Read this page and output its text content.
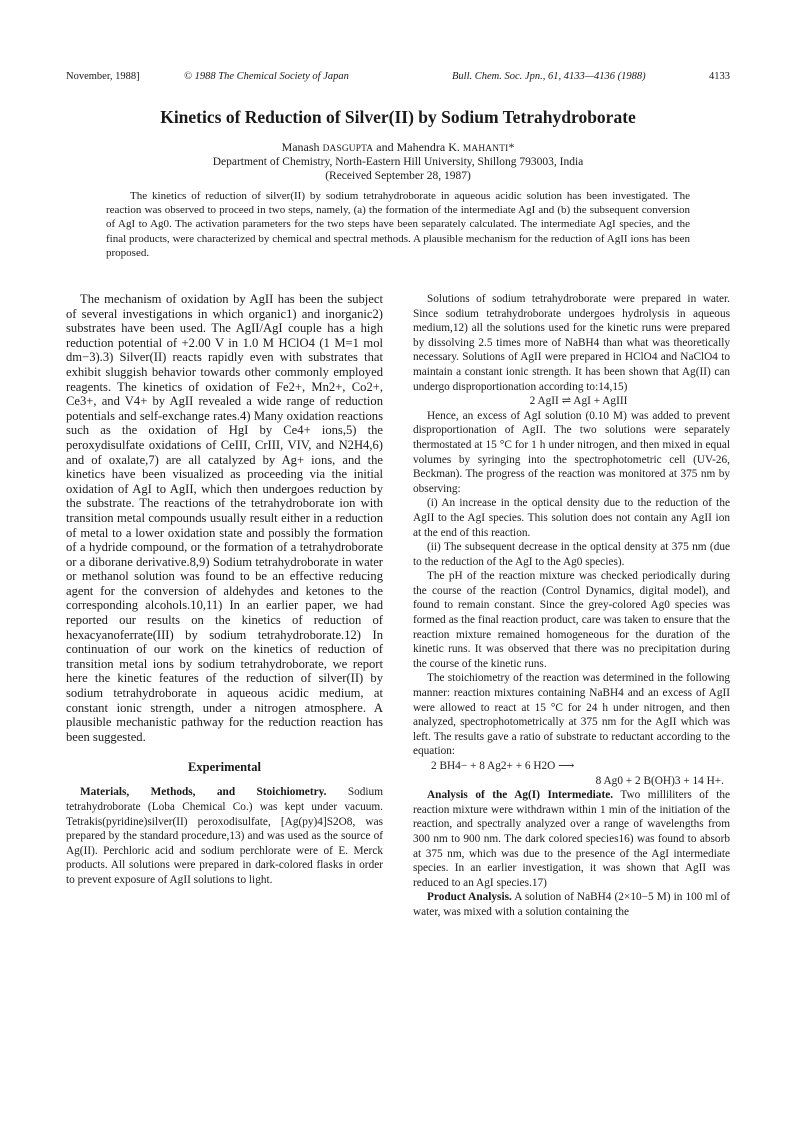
November, 1988]	© 1988 The Chemical Society of Japan	Bull. Chem. Soc. Jpn., 61, 4133—4136 (1988)	4133
Kinetics of Reduction of Silver(II) by Sodium Tetrahydroborate
Manash DASGUPTA and Mahendra K. MAHANTI*
Department of Chemistry, North-Eastern Hill University, Shillong 793003, India
(Received September 28, 1987)

The kinetics of reduction of silver(II) by sodium tetrahydroborate in aqueous acidic solution has been investigated. The reaction was observed to proceed in two steps, namely, (a) the formation of the intermediate AgI and (b) the subsequent conversion of AgI to Ag0. The activation parameters for the two steps have been separately calculated. The intermediate AgI species, and the final products, were characterized by chemical and spectral methods. A plausible mechanism for the reduction of AgII ions has been proposed.

The mechanism of oxidation by AgII has been the subject of several investigations in which organic1) and inorganic2) substrates have been used. The AgII/AgI couple has a high reduction potential of +2.00 V in 1.0 M HClO4 (1 M=1 mol dm−3).3) Silver(II) reacts rapidly even with substrates that exhibit sluggish behavior towards other commonly employed reagents. The kinetics of oxidation of Fe2+, Mn2+, Co2+, Ce3+, and V4+ by AgII revealed a wide range of reduction potentials and self-exchange rates.4) Many oxidation reactions such as the oxidation of HgI by Ce4+ ions,5) the peroxydisulfate oxidations of CeIII, CrIII, VIV, and N2H4,6) and of oxalate,7) are all catalyzed by Ag+ ions, and the kinetics have been visualized as proceeding via the initial oxidation of AgI to AgII, which then undergoes reduction by the substrate. The reactions of the tetrahydroborate ion with transition metal compounds usually result either in a reduction of metal to a lower oxidation state and possibly the formation of a hydride compound, or the formation of a tetrahydroborate or a diborane derivative.8,9) Sodium tetrahydroborate in water or methanol solution was found to be an effective reducing agent for the conversion of aldehydes and ketones to the corresponding alcohols.10,11) In an earlier paper, we had reported our results on the kinetics of reduction of hexacyanoferrate(III) by sodium tetrahydroborate.12) In continuation of our work on the kinetics of reduction of transition metal ions by sodium tetrahydroborate, we report here the kinetic features of the reduction of silver(II) by sodium tetrahydroborate in aqueous acidic medium, at constant ionic strength, under a nitrogen atmosphere. A plausible mechanistic pathway for the reduction reaction has been suggested.

Experimental

Materials, Methods, and Stoichiometry. Sodium tetrahydroborate (Loba Chemical Co.) was kept under vacuum. Tetrakis(pyridine)silver(II) peroxodisulfate, [Ag(py)4]S2O8, was prepared by the standard procedure,13) and was used as the source of Ag(II). Perchloric acid and sodium perchlorate were of E. Merck products. All solutions were prepared in dark-colored flasks in order to prevent exposure of AgII solutions to light.

Solutions of sodium tetrahydroborate were prepared in water. Since sodium tetrahydroborate undergoes hydrolysis in aqueous medium,12) all the solutions used for the kinetic runs were prepared by dissolving 2.5 times more of NaBH4 than what was theoretically necessary. Solutions of AgII were prepared in HClO4 and NaClO4 to maintain a constant ionic strength. It has been shown that Ag(II) can undergo disproportionation according to:14,15)

2 AgII ⇌ AgI + AgIII

Hence, an excess of AgI solution (0.10 M) was added to prevent disproportionation of AgII. The two solutions were separately thermostated at 15 °C for 1 h under nitrogen, and then mixed in equal volumes by syringing into the spectrophotometric cell (UV-26, Beckman). The progress of the reaction was monitored at 375 nm by observing:

(i) An increase in the optical density due to the reduction of the AgII to the AgI species. This solution does not contain any AgII ion at the end of this reaction.

(ii) The subsequent decrease in the optical density at 375 nm (due to the reduction of the AgI to the Ag0 species).

The pH of the reaction mixture was checked periodically during the course of the reaction (Control Dynamics, digital model), and found to remain constant. Since the grey-colored Ag0 species was formed as the final reaction product, care was taken to ensure that the reaction mixture remained homogeneous for the duration of the kinetic runs. It was observed that there was no precipitation during the course of the kinetic runs.

The stoichiometry of the reaction was determined in the following manner: reaction mixtures containing NaBH4 and an excess of AgII were allowed to react at 15 °C for 24 h under nitrogen, and then analyzed, spectrophotometrically at 375 nm for the AgII which was left. The results gave a ratio of substrate to reductant according to the equation:

2 BH4− + 8 Ag2+ + 6 H2O ⟶

8 Ag0 + 2 B(OH)3 + 14 H+.

Analysis of the Ag(I) Intermediate. Two milliliters of the reaction mixture were withdrawn within 1 min of the initiation of the reaction, and spectrally analyzed over a range of wavelengths from 300 nm to 900 nm. The dark colored species16) was found to absorb at 375 nm, which was due to the presence of the AgI intermediate species. In an earlier investigation, it was shown that AgII was reduced to an AgI species.17)

Product Analysis. A solution of NaBH4 (2×10−5 M) in 100 ml of water, was mixed with a solution containing the
